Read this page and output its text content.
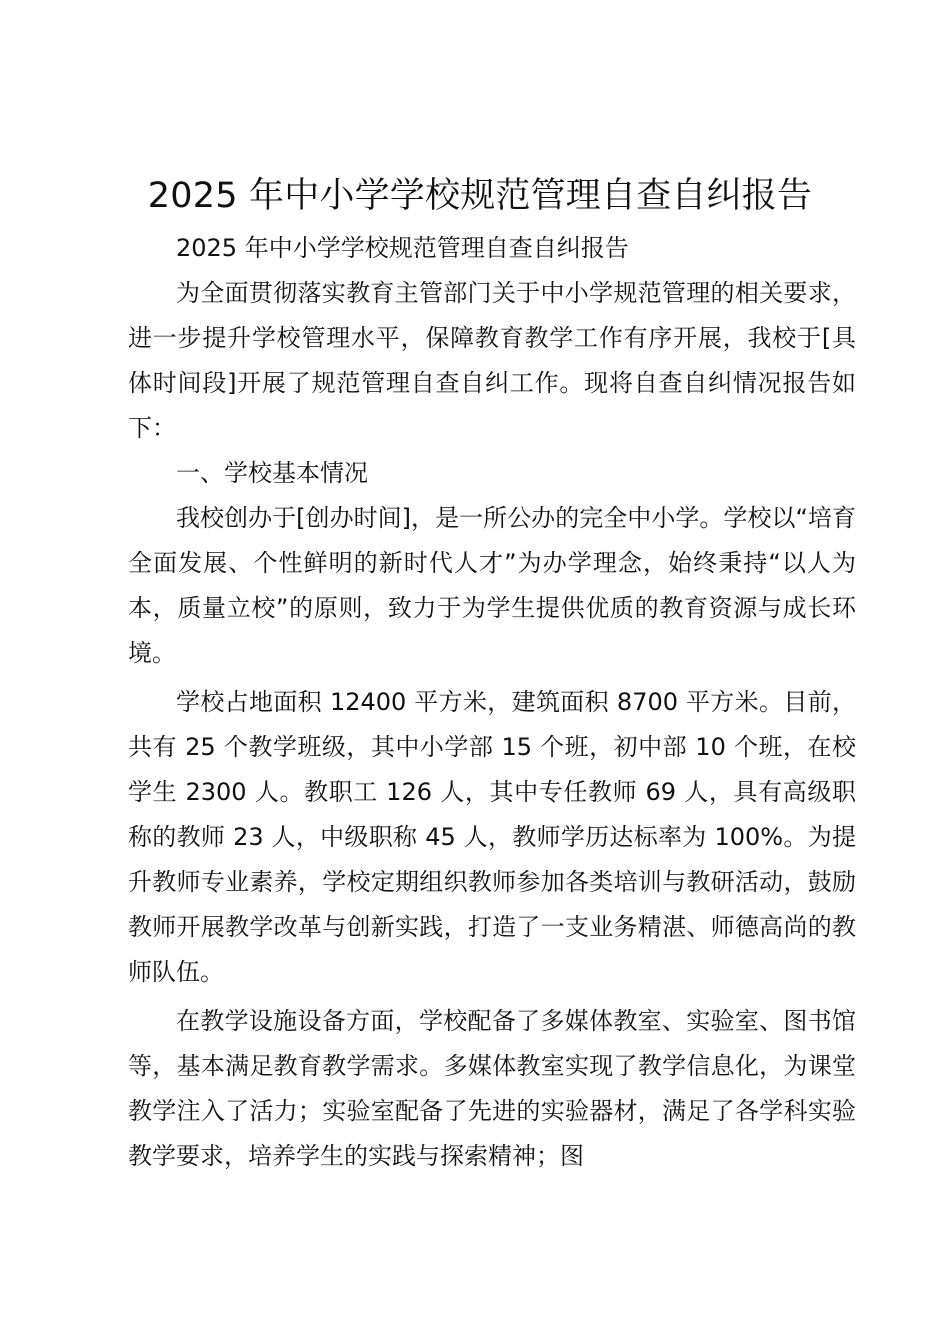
2025 年中小学学校规范管理自查自纠报告

2025 年中小学学校规范管理自查自纠报告

为全面贯彻落实教育主管部门关于中小学规范管理的相关要求，进一步提升学校管理水平，保障教育教学工作有序开展，我校于[具体时间段]开展了规范管理自查自纠工作。现将自查自纠情况报告如下：

一、学校基本情况

我校创办于[创办时间]，是一所公办的完全中小学。学校以“培育全面发展、个性鲜明的新时代人才”为办学理念，始终秉持“以人为本，质量立校”的原则，致力于为学生提供优质的教育资源与成长环境。

学校占地面积 12400 平方米，建筑面积 8700 平方米。目前，共有 25 个教学班级，其中小学部 15 个班，初中部 10 个班，在校学生 2300 人。教职工 126 人，其中专任教师 69 人，具有高级职称的教师 23 人，中级职称 45 人，教师学历达标率为 100%。为提升教师专业素养，学校定期组织教师参加各类培训与教研活动，鼓励教师开展教学改革与创新实践，打造了一支业务精湛、师德高尚的教师队伍。

在教学设施设备方面，学校配备了多媒体教室、实验室、图书馆等，基本满足教育教学需求。多媒体教室实现了教学信息化，为课堂教学注入了活力；实验室配备了先进的实验器材，满足了各学科实验教学要求，培养学生的实践与探索精神；图
